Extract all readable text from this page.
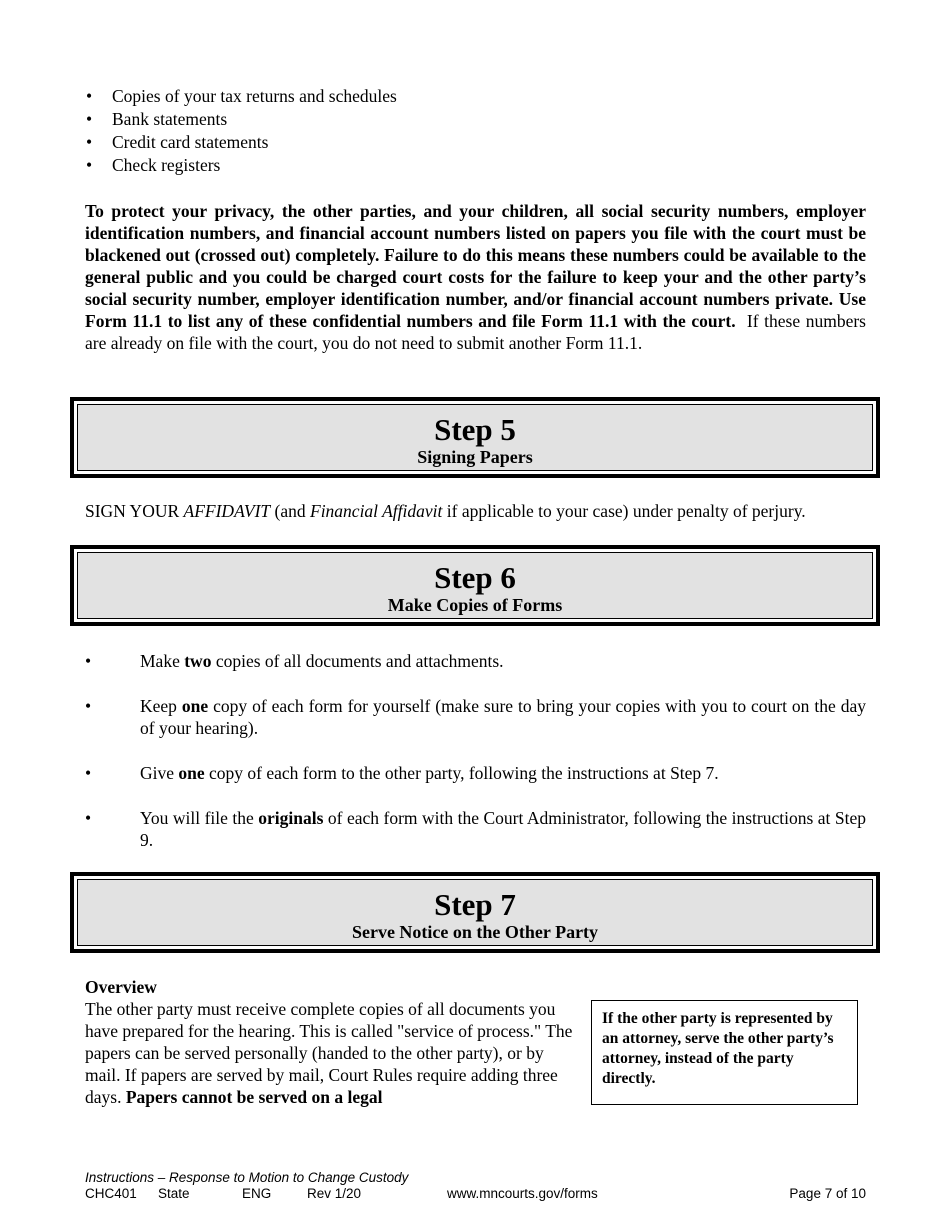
• Copies of your tax returns and schedules
• Bank statements
• Credit card statements
• Check registers

To protect your privacy, the other parties, and your children, all social security numbers, employer identification numbers, and financial account numbers listed on papers you file with the court must be blackened out (crossed out) completely. Failure to do this means these numbers could be available to the general public and you could be charged court costs for the failure to keep your and the other party’s social security number, employer identification number, and/or financial account numbers private. Use Form 11.1 to list any of these confidential numbers and file Form 11.1 with the court.  If these numbers are already on file with the court, you do not need to submit another Form 11.1.

Step 5
Signing Papers

SIGN YOUR AFFIDAVIT (and Financial Affidavit if applicable to your case) under penalty of perjury.

Step 6
Make Copies of Forms
• Make two copies of all documents and attachments.
• Keep one copy of each form for yourself (make sure to bring your copies with you to court on the day of your hearing).
• Give one copy of each form to the other party, following the instructions at Step 7.
• You will file the originals of each form with the Court Administrator, following the instructions at Step 9.
Step 7
Serve Notice on the Other Party
Overview

The other party must receive complete copies of all documents you have prepared for the hearing. This is called "service of process." The papers can be served personally (handed to the other party), or by mail. If papers are served by mail, Court Rules require adding three days. Papers cannot be served on a legal

If the other party is represented by an attorney, serve the other party’s attorney, instead of the party directly.
Instructions – Response to Motion to Change Custody
CHC401 State	ENG	Rev 1/20	www.mncourts.gov/forms	Page 7 of 10
